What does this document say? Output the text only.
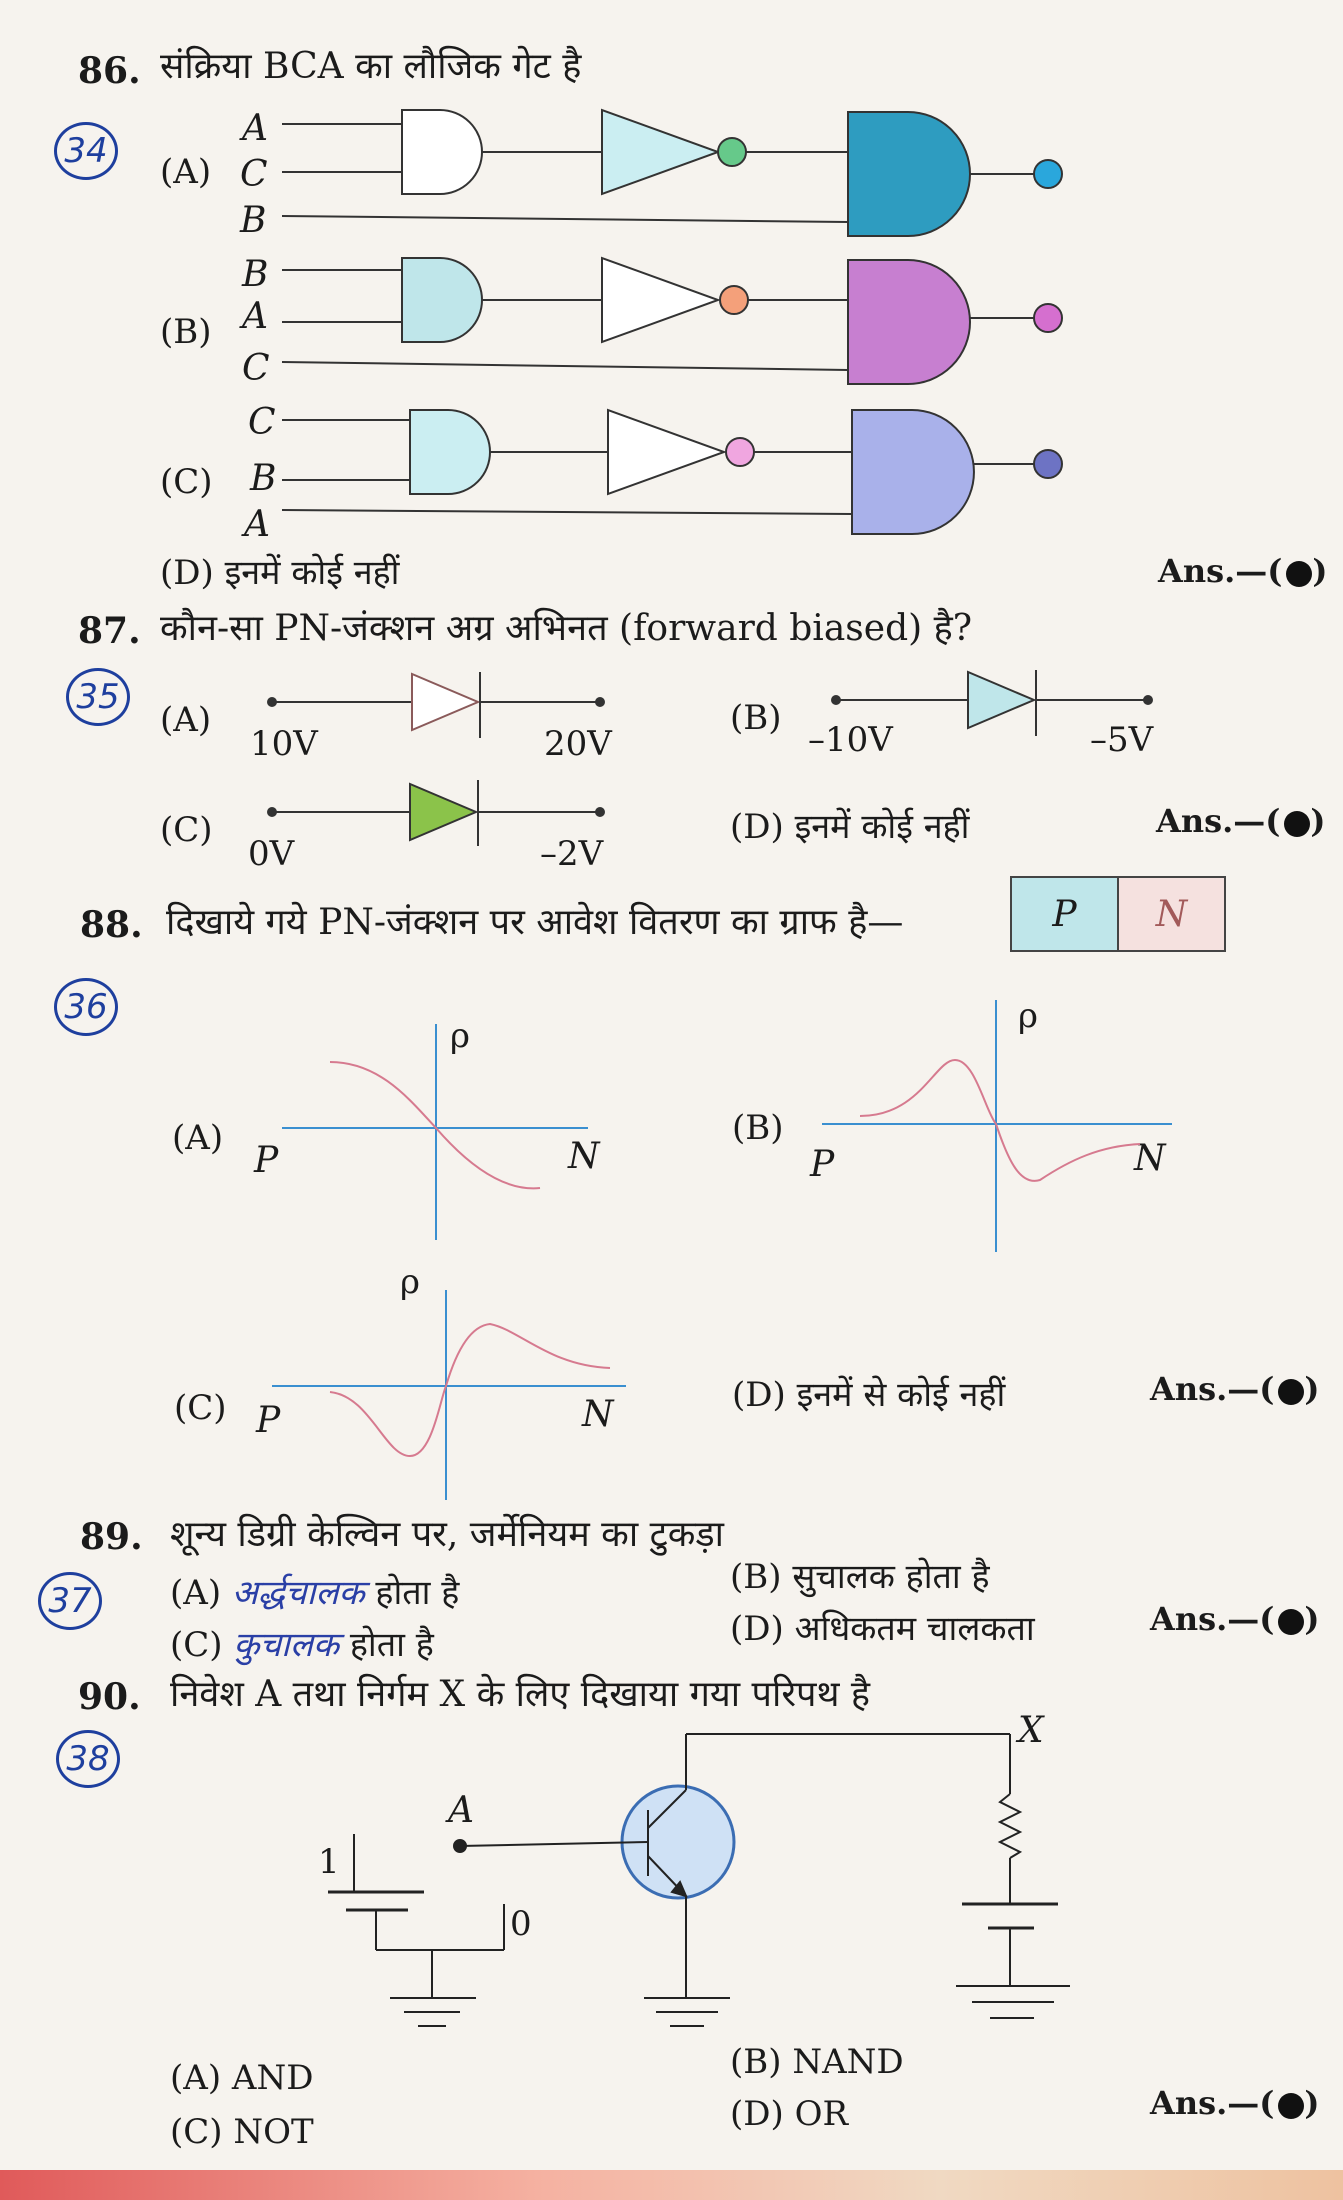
86. संक्रिया BCA का लौजिक गेट है
34
(A)
A
C
B
(B)
B
A
C
(C)
C
B
A
(D) इनमें कोई नहीं	Ans.—( )
87. कौन-सा PN-जंक्शन अग्र अभिनत (forward biased) है?
35
(A)
10V	20V
(B)
–10V	–5V
(C)
0V	–2V
(D) इनमें कोई नहीं	Ans.—( )
88. दिखाये गये PN-जंक्शन पर आवेश वितरण का ग्राफ है—
36
P N
(A)	(B)
(C)	(D) इनमें से कोई नहीं	Ans.—( )
P	N
ρ
P	N
ρ
P	N
ρ
89. शून्य डिग्री केल्विन पर, जर्मेनियम का टुकड़ा
37	(A) अर्द्धचालक होता है	(B) सुचालक होता है
(C) कुचालक होता है	(D) अधिकतम चालकता	Ans.—( )
90. निवेश A तथा निर्गम X के लिए दिखाया गया परिपथ है
38
X
A
1
0
(A) AND	(B) NAND
(C) NOT	(D) OR	Ans.—( )
